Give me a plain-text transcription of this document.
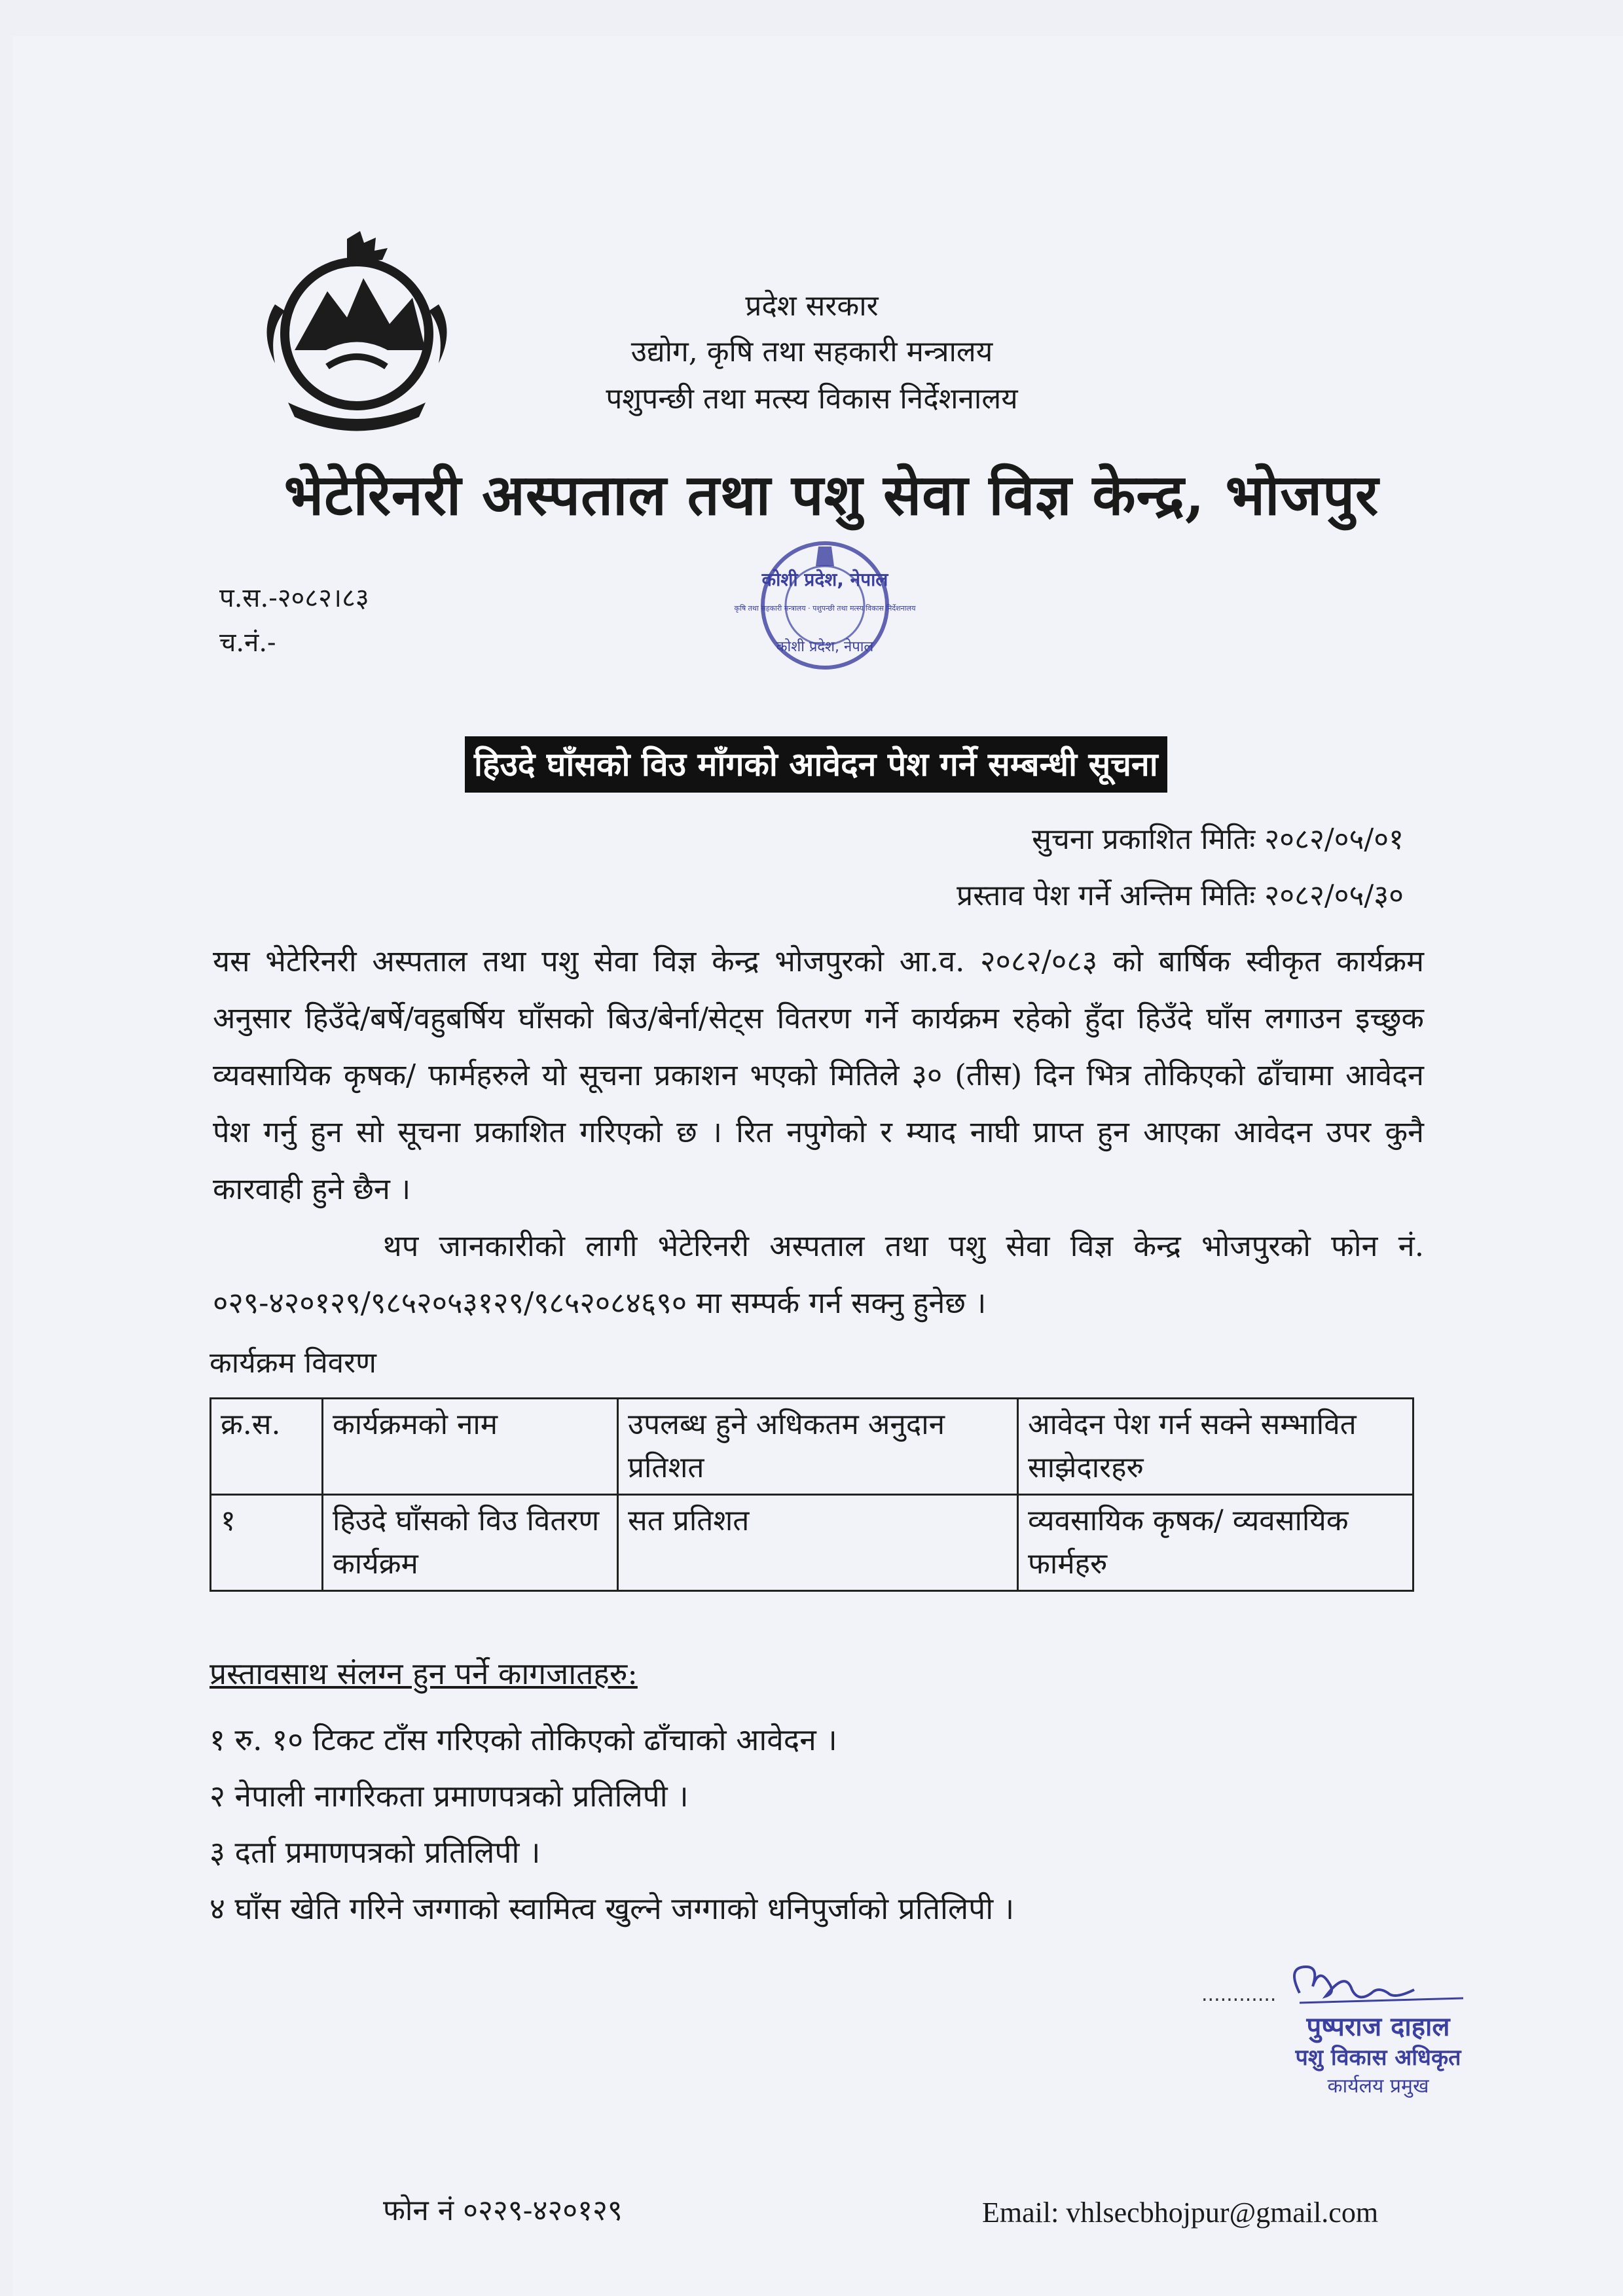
प्रदेश सरकार
उद्योग, कृषि तथा सहकारी मन्त्रालय
पशुपन्छी तथा मत्स्य विकास निर्देशनालय
भेटेरिनरी अस्पताल तथा पशु सेवा विज्ञ केन्द्र, भोजपुर
प.स.-२०८२।८३
च.नं.-
कोशी प्रदेश, नेपाल
कृषि तथा सहकारी मन्त्रालय · पशुपन्छी तथा मत्स्य विकास निर्देशनालय
कोशी प्रदेश, नेपाल
हिउदे घाँसको विउ माँगको आवेदन पेश गर्ने सम्बन्धी सूचना
सुचना प्रकाशित मितिः २०८२/०५/०१
प्रस्ताव पेश गर्ने अन्तिम मितिः २०८२/०५/३०

यस भेटेरिनरी अस्पताल तथा पशु सेवा विज्ञ केन्द्र भोजपुरको आ.व. २०८२/०८३ को बार्षिक स्वीकृत कार्यक्रम अनुसार हिउँदे/बर्षे/वहुबर्षिय घाँसको बिउ/बेर्ना/सेट्स वितरण गर्ने कार्यक्रम रहेको हुँदा हिउँदे घाँस लगाउन इच्छुक व्यवसायिक कृषक/ फार्महरुले यो सूचना प्रकाशन भएको मितिले ३० (तीस) दिन भित्र तोकिएको ढाँचामा आवेदन पेश गर्नु हुन सो सूचना प्रकाशित गरिएको छ । रित नपुगेको र म्याद नाघी प्राप्त हुन आएका आवेदन उपर कुनै कारवाही हुने छैन ।

थप जानकारीको लागी भेटेरिनरी अस्पताल तथा पशु सेवा विज्ञ केन्द्र भोजपुरको फोन नं. ०२९-४२०१२९/९८५२०५३१२९/९८५२०८४६९० मा सम्पर्क गर्न सक्नु हुनेछ ।

कार्यक्रम विवरण
क्र.स.	कार्यक्रमको नाम	उपलब्ध हुने अधिकतम अनुदान प्रतिशत	आवेदन पेश गर्न सक्ने सम्भावित साझेदारहरु
१	हिउदे घाँसको विउ वितरण कार्यक्रम	सत प्रतिशत	व्यवसायिक कृषक/ व्यवसायिक फार्महरु
प्रस्तावसाथ संलग्न हुन पर्ने कागजातहरु:
१ रु. १० टिकट टाँस गरिएको तोकिएको ढाँचाको आवेदन ।
२ नेपाली नागरिकता प्रमाणपत्रको प्रतिलिपी ।
३ दर्ता प्रमाणपत्रको प्रतिलिपी ।
४ घाँस खेति गरिने जग्गाको स्वामित्व खुल्ने जग्गाको धनिपुर्जाको प्रतिलिपी ।
............
पुष्पराज दाहाल
पशु विकास अधिकृत
कार्यलय प्रमुख
फोन नं ०२२९-४२०१२९	Email: vhlsecbhojpur@gmail.com
